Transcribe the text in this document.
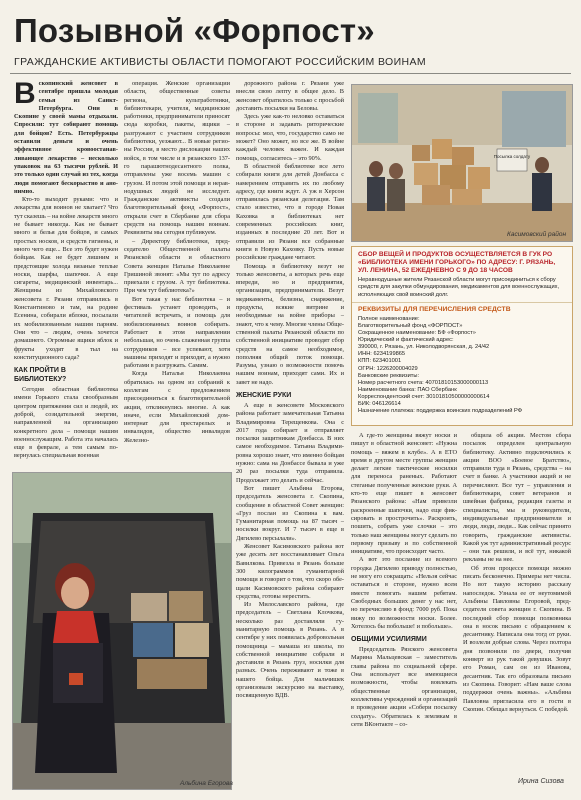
Позывной «Форпост»
ГРАЖДАНСКИЕ АКТИВИСТЫ ОБЛАСТИ ПОМОГАЮТ РОССИЙСКИМ ВОИНАМ
В скопинский женсовет в сентябре пришла молодая семья из Санкт-Петербурга. Они в Скопине у своей мамы отдыхали. Спросили: тут собирают помощь для бойцов? Есть. Петербуржцы оставили деньги и очень эффективное кровоостанавливающее лекарство – несколько упаковок на 63 тысячи рублей. И это только один случай из тех, когда люди помогают бескорыстно и анонимно.

Кто-то выходит руками: что и лекарства для воинов не хватает? Что тут сказешь – на войне лекарств много не бывает никогда. Как не бывает много и белья для бойцов, и самых простых носков, и средств гигиены, и много чего еще... Все это будет нужен бойцам. Как не будет лишним и предстоящие холода вязаные теплые носки, шарфы, шапочки. А еще сигареты, медицинский инвентарь... Женщины из Михайловского женсовета г. Рязани отправились в Константиново и там, на родине Есенина, собирали яблоки, посылали их мобилизованным нашим парням. Они что – людям, очень хочется домашнего. Огромные ящики яблок и фрукты уходят в тыл на конституционного сада?

КАК ПРОЙТИ В БИБЛИОТЕКУ?

Сегодня областная библиотека имени Горького стала свообразным центром притяжения сил и людей, их доброй, созидательной энергии, направленной на организацию конкретного дела – помощи нашим военнослужащим. Работа эта началась еще в феврале, а тем самым повернулась специальная военная

операция. Женские организации области, общественные советы региона, культработники, библиотекари, учителя, медицинские работники, предприниматели приносят сюда коробки, пакеты, ящики – разгружают с участием сотрудников библиотеки, уезжают... В новые регионы России, в место дислокации наших войск, в том числе и в рязанского 137-го парашютнодесантного полка, отправлены уже восемь машин с грузом. И потом этой помощи и неравнодушных людей не исследует. Гражданские активисты создали благотворительный фонд «Форпост», открыли счет в Сбербанке для сбора средств на помощь нашим воинам. Реквизиты мы сегодня публикуем.

– Директору библиотеки, председателю Общественной палаты Рязанской области и областного Совета женщин Наталье Николаевне Гришиной звонят: «Мы тут по адресу приехали с грузом. А тут библиотека. При чем тут библиотека?»

Вот такая у нас библиотека – и фестиваль устанет проводить, и читателей встречать, и помощь для мобилизованных воинов собирать. Работает в этом направлении небольшая, но очень слаженная группа сотрудников – все успевают, хотя машины приходят и приходят, а нужно работами в разгружать. Самим.

Когда Наталья Николаевна обратилась на одном из собраний к коллегам с предложением присоединиться к благотворительной акции, откликнулись многие. А как иначе, если Михайловский дом-интернат для престарелых и инвалидов, общество инвалидов Железно-

дорожного района г. Рязани уже внесли свою лепту в общее дело. В женсовет обратилось только с просьбой доставить посылки на Беловы.

Здесь уже как-то неловко оставаться в стороне и задавать риторические вопросы: мол, что, государство само не может? Оно может, но все же. В войне каждый человек важен. И каждая помощь, согласитесь – это 90%.

В областной библиотеке все лето собирали книги для детей Донбасса с намерением отправить их по любому адресу, где книги ждут. А уж в Херсон отправилась рязанская делегация. Там стало известно, что в городе Новая Каховка в библиотеках нет современных российских книг, изданных в последние 20 лет. Вот и отправили из Рязани все собранные книги в Новую Каховку. Пусть новые российские граждане читают.

Помощь в библиотеку везут не только женсоветы, а которых речь еще впереди, но и предприятия, организации, предприниматели. Везут медикаменты, белизны, снаряжение, продукты, всякие витрине и необходимые на войне приборы – знают, что к чему. Многие члены Общественной палаты Рязанской области по собственной инициативе проводят сбор средств на самое необходимое, пополняя общий поток помощи. Разумы, узнаю о возможности помочь нашим воинам, приходят сами. Их и завет не надо.

ЖЕНСКИЕ РУКИ

А еще в женсовете Московского района работает замечательная Татьяна Владимировна Терещенкова. Она с 2017 года собирает и отправляет посылки защитникам Донбасса. В них самое необходимое. Татьяна Владимировна хорошо знает, что именно бойцам нужно: сама на Донбассе бывала и уже 20 раз посылки туда отправила. Продолжает это делать и сейчас.

Вот пишет Альбина Егорова, председатель женсовета г. Скопина, сообщение в областной Совет женщин: «Груз послан из Скопина к вам. Гуманитарная помощь на 87 тысяч – носилки вокруг. И 7 тысяч в еще в Дягилево персылали».

Женсовет Касимовского района вот уже десять лет восстанавливает Ольга Вавилкова. Привезла в Рязань больше 300 килограммов гуманитарной помощи и говорит о том, что скоро обещали Касимовского района собирают средства, готовы нерестить.

Из Милославского района, где председатель – Светлана Клочкова, несколько раз доставляли гуманитарную помощь в Рязань. А в сентябре у них появилась добровольная помощница – мамаша из школы, по собственной инициативе собрали и доставили в Рязань груз, носилки для разных. Очень переживают и тоже в нашего бойца. Для мальчишек организовали экскурсию на выставку, посвященную ВДВ.

Посылка солдату
Касимовский район
СБОР ВЕЩЕЙ И ПРОДУКТОВ ОСУЩЕСТВЛЯЕТСЯ В ГУК РО «БИБЛИОТЕКА ИМЕНИ ГОРЬКОГО» ПО АДРЕСУ: Г. РЯЗАНЬ, УЛ. ЛЕНИНА, 52 ЕЖЕДНЕВНО С 9 ДО 18 ЧАСОВ
Неравнодушные жители Рязанской области могут присоединиться к сбору средств для закупки обмундирования, медикаментов для военнослужащих, исполняющих свой воинский долг.
РЕКВИЗИТЫ ДЛЯ ПЕРЕЧИСЛЕНИЯ СРЕДСТВ
Полное наименование:
Благотворительный фонд «ФОРПОСТ»
Сокращенное наименование: БФ «Форпост»
Юридический и фактический адрес:
390000, г. Рязань, ул. Николодворянская, д. 24/42
ИНН: 6234199865
КПП: 623401001
ОГРН: 1226200004029
Банковские реквизиты:
Номер расчетного счета: 40701810153000000113
Наименование банка: ПАО Сбербанк
Корреспондентский счет: 30101810500000000614
БИК: 046126614
Назначение платежа: поддержка воинских подразделений РФ

А где-то женщины вяжут носки и пишут в областной женсовет: «Нужна помощь – вяжем в клубе». А в ЕТО время в другом месте группы женщин делает легкие тактические носилки для переноса раненых. Работают стеганые полученные женские руки. А кто-то еще пишет в женсовет Рязанского района: «Нам привезли раскроенные шапочки, надо еще фиксировать и прострочить». Раскроить, пошить, собрать уже слочки – это только наш женщины могут сделать по первому призыву и по собственной инициативе, что происходит часто.

А вот это послание из всемого городка Дягилево приводу полностью, не могу его сокращать: «Нельзя сейчас оставаться в стороне, нужно всем вместе помогать нашим ребятам. Свободных больших денег у нас нет, но перечисляю в фонд: 7000 руб. Пока вижу по возможности носки. Более. Хотелось бы побольше! и побольше».

ОБЩИМИ УСИЛИЯМИ

Председатель Рязского женсовета Марина Мальцевская – заместитель главы района по социальной сфере. Она использует все имеющиеся возможности, чтобы вовлекать общественные организации, коллективы учреждений и организаций в проведение акции «Собери посылку солдату». Обратилась к землякам в сети ВКонтакте – со-

общила об акции. Местом сбора посылок определен центральную библиотеку. Активно подключились к акции ВОО «Боевое Братство», отправили туда в Рязань, средства – на счет в банке. А участники акций и не перечисляют. Все тут – управления и библиотекари, совет ветеранов и швейная фабрика, редакция газеты и специалисты, мы и руководители, индивидуальные предприниматели и люди, люди, люди... Как сейчас принято говорить, гражданские активисты. Какой уж тут административный ресурс – они так решили, и всё тут, никакой рекламы не на нее.

Об этом процессе помощи можно писать бесконечно. Примеры нет числа. Но вот такую историю рассказу напоследок. Узнала ее от неутомимой Альбины Павловны Егоровой, председателя совета женщин г. Скопина. В последний сбор помощи полковника она в носок письмо с обращением к десантнику. Написала она тогд от руки. И возлели добрые слова. Через полтора дня позвонили по двери, получив конверт из рук такой девушки. Зовут его Роман, сам он из Иванова, десантник. Так его образовала письмо из Скопина. Говорит: «Нам ваше слова поддержки очень важны». «Альбина Павловна пригласила его в гости в Скопин. Обещал вернуться. С победой.

Ирина Сизова
Альбина Егорова
